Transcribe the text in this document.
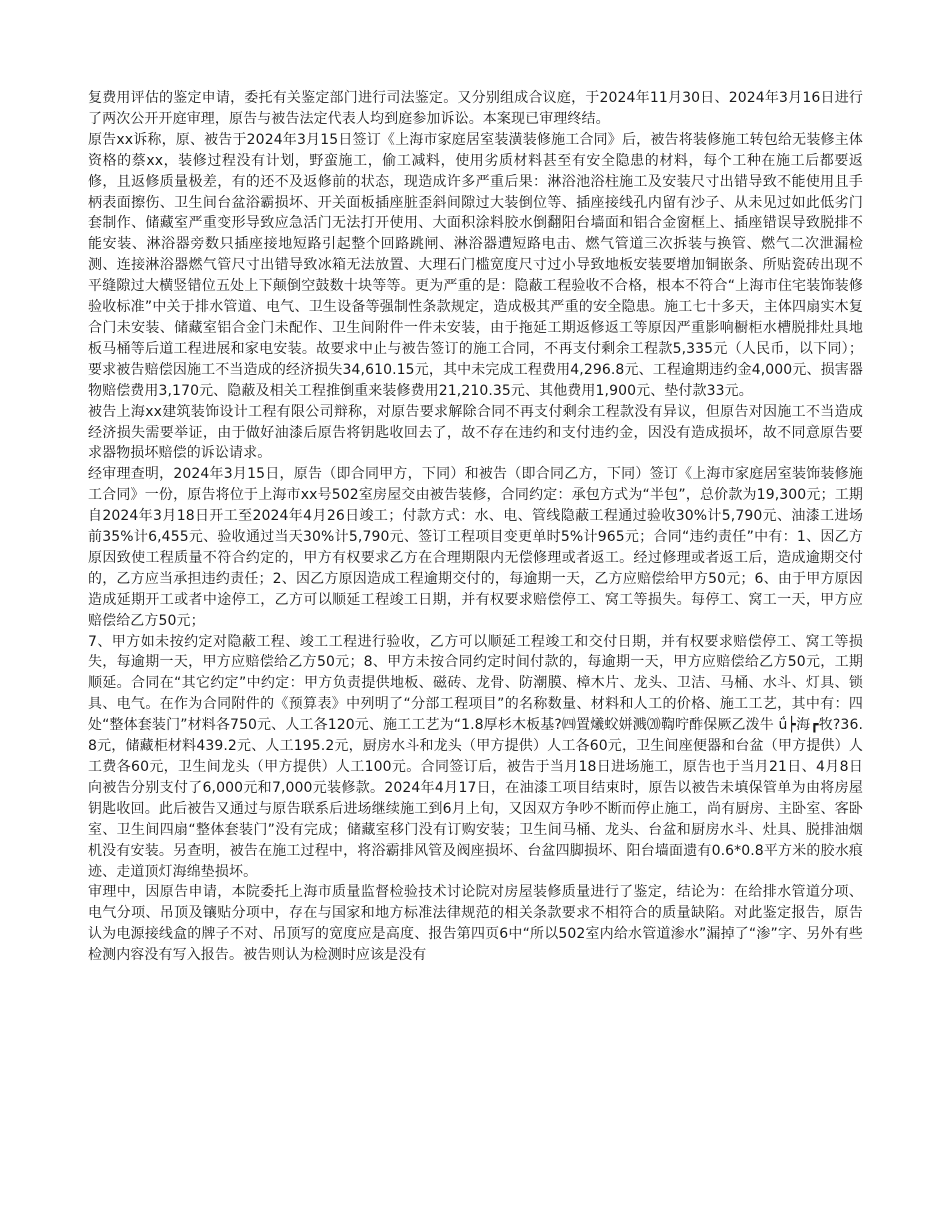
复费用评估的鉴定申请，委托有关鉴定部门进行司法鉴定。又分别组成合议庭，于2024年11月30日、2024年3月16日进行了两次公开开庭审理，原告与被告法定代表人均到庭参加诉讼。本案现已审理终结。

原告xx诉称，原、被告于2024年3月15日签订《上海市家庭居室装潢装修施工合同》后，被告将装修施工转包给无装修主体资格的蔡xx，装修过程没有计划，野蛮施工，偷工减料，使用劣质材料甚至有安全隐患的材料，每个工种在施工后都要返修，且返修质量极差，有的还不及返修前的状态，现造成许多严重后果：淋浴池浴柱施工及安装尺寸出错导致不能使用且手柄表面擦伤、卫生间台盆浴霸损坏、开关面板插座脏歪斜间隙过大装倒位等、插座接线孔内留有沙子、从未见过如此低劣门套制作、储藏室严重变形导致应急活门无法打开使用、大面积涂料胶水倒翻阳台墙面和铝合金窗框上、插座错误导致脱排不能安装、淋浴器旁数只插座接地短路引起整个回路跳闸、淋浴器遭短路电击、燃气管道三次拆装与换管、燃气二次泄漏检测、连接淋浴器燃气管尺寸出错导致冰箱无法放置、大理石门槛宽度尺寸过小导致地板安装要增加铜嵌条、所贴瓷砖出现不平缝隙过大横竖错位五处上下颠倒空鼓数十块等等。更为严重的是：隐蔽工程验收不合格，根本不符合“上海市住宅装饰装修验收标准”中关于排水管道、电气、卫生设备等强制性条款规定，造成极其严重的安全隐患。施工七十多天，主体四扇实木复合门未安装、储藏室铝合金门未配作、卫生间附件一件未安装，由于拖延工期返修返工等原因严重影响橱柜水槽脱排灶具地板马桶等后道工程进展和家电安装。故要求中止与被告签订的施工合同，不再支付剩余工程款5,335元（人民币，以下同）；要求被告赔偿因施工不当造成的经济损失34,610.15元，其中未完成工程费用4,296.8元、工程逾期违约金4,000元、损害器物赔偿费用3,170元、隐蔽及相关工程推倒重来装修费用21,210.35元、其他费用1,900元、垫付款33元。

被告上海xx建筑装饰设计工程有限公司辩称，对原告要求解除合同不再支付剩余工程款没有异议，但原告对因施工不当造成经济损失需要举证，由于做好油漆后原告将钥匙收回去了，故不存在违约和支付违约金，因没有造成损坏，故不同意原告要求器物损坏赔偿的诉讼请求。

经审理查明，2024年3月15日，原告（即合同甲方，下同）和被告（即合同乙方，下同）签订《上海市家庭居室装饰装修施工合同》一份，原告将位于上海市xx号502室房屋交由被告装修，合同约定：承包方式为“半包”，总价款为19,300元；工期自2024年3月18日开工至2024年4月26日竣工；付款方式：水、电、管线隐蔽工程通过验收30%计5,790元、油漆工进场前35%计6,455元、验收通过当天30%计5,790元、签订工程项目变更单时5%计965元；合同“违约责任”中有：1、因乙方原因致使工程质量不符合约定的，甲方有权要求乙方在合理期限内无偿修理或者返工。经过修理或者返工后，造成逾期交付的，乙方应当承担违约责任；2、因乙方原因造成工程逾期交付的，每逾期一天，乙方应赔偿给甲方50元；6、由于甲方原因造成延期开工或者中途停工，乙方可以顺延工程竣工日期，并有权要求赔偿停工、窝工等损失。每停工、窝工一天，甲方应赔偿给乙方50元；

7、甲方如未按约定对隐蔽工程、竣工工程进行验收，乙方可以顺延工程竣工和交付日期，并有权要求赔偿停工、窝工等损失，每逾期一天，甲方应赔偿给乙方50元；8、甲方未按合同约定时间付款的，每逾期一天，甲方应赔偿给乙方50元，工期顺延。合同在“其它约定”中约定：甲方负责提供地板、磁砖、龙骨、防潮膜、樟木片、龙头、卫洁、马桶、水斗、灯具、锁具、电气。在作为合同附件的《预算表》中列明了“分部工程项目”的名称数量、材料和人工的价格、施工工艺，其中有：四处“整体套装门”材料各750元、人工各120元、施工工艺为“1.8厚杉木板基?㈣置爔蚥姘溅⒇鞫咛酢保厥乙泼牛 ǘ┝海┏牧?36.8元，储藏柜材料439.2元、人工195.2元，厨房水斗和龙头（甲方提供）人工各60元，卫生间座便器和台盆（甲方提供）人工费各60元，卫生间龙头（甲方提供）人工100元。合同签订后，被告于当月18日进场施工，原告也于当月21日、4月8日向被告分别支付了6,000元和7,000元装修款。2024年4月17日，在油漆工项目结束时，原告以被告未填保管单为由将房屋钥匙收回。此后被告又通过与原告联系后进场继续施工到6月上旬，又因双方争吵不断而停止施工，尚有厨房、主卧室、客卧室、卫生间四扇“整体套装门”没有完成；储藏室移门没有订购安装；卫生间马桶、龙头、台盆和厨房水斗、灶具、脱排油烟机没有安装。另查明，被告在施工过程中，将浴霸排风管及阀座损坏、台盆四脚损坏、阳台墙面遗有0.6*0.8平方米的胶水痕迹、走道顶灯海绵垫损坏。

审理中，因原告申请，本院委托上海市质量监督检验技术讨论院对房屋装修质量进行了鉴定，结论为：在给排水管道分项、电气分项、吊顶及镶贴分项中，存在与国家和地方标准法律规范的相关条款要求不相符合的质量缺陷。对此鉴定报告，原告认为电源接线盒的牌子不对、吊顶写的宽度应是高度、报告第四页6中“所以502室内给水管道渗水”漏掉了“渗”字、另外有些检测内容没有写入报告。被告则认为检测时应该是没有
